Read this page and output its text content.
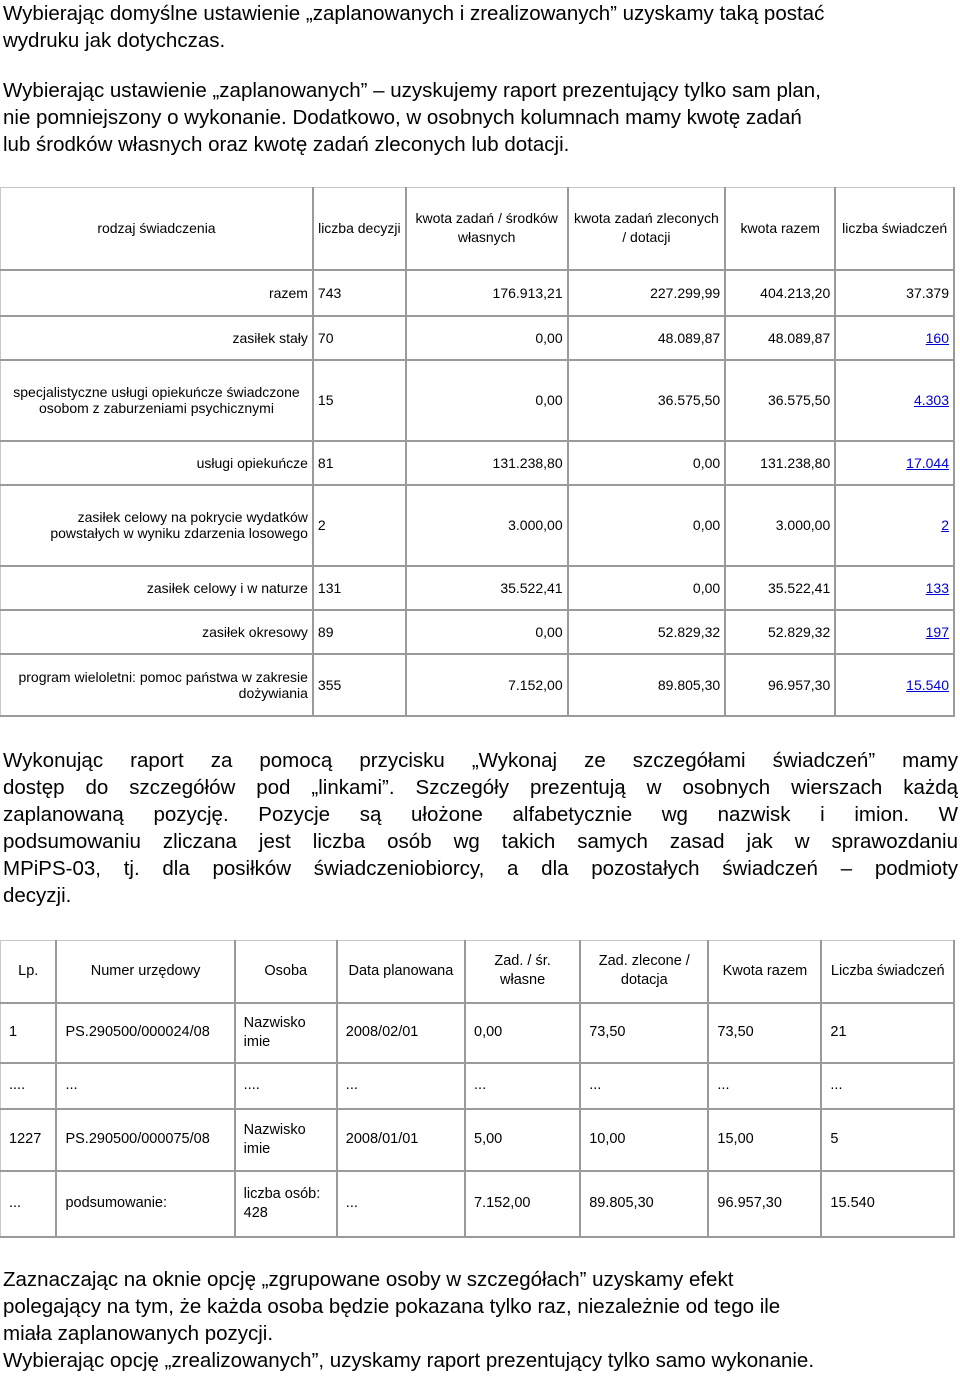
Wybierając domyślne ustawienie „zaplanowanych i zrealizowanych” uzyskamy taką postać
wydruku jak dotychczas.
Wybierając ustawienie „zaplanowanych” – uzyskujemy raport prezentujący tylko sam plan,
nie pomniejszony o wykonanie. Dodatkowo, w osobnych kolumnach mamy kwotę zadań
lub środków własnych oraz kwotę zadań zleconych lub dotacji.
rodzaj świadczenia	liczba decyzji	kwota zadań / środków własnych	kwota zadań zleconych / dotacji	kwota razem	liczba świadczeń
razem	743	176.913,21	227.299,99	404.213,20	37.379
zasiłek stały	70	0,00	48.089,87	48.089,87	160
specjalistyczne usługi opiekuńcze świadczone osobom z zaburzeniami psychicznymi	15	0,00	36.575,50	36.575,50	4.303
usługi opiekuńcze	81	131.238,80	0,00	131.238,80	17.044
zasiłek celowy na pokrycie wydatków powstałych w wyniku zdarzenia losowego	2	3.000,00	0,00	3.000,00	2
zasiłek celowy i w naturze	131	35.522,41	0,00	35.522,41	133
zasiłek okresowy	89	0,00	52.829,32	52.829,32	197
program wieloletni: pomoc państwa w zakresie dożywiania	355	7.152,00	89.805,30	96.957,30	15.540
Wykonując raport za pomocą przycisku „Wykonaj ze szczegółami świadczeń” mamy
dostęp do szczegółów pod „linkami”. Szczegóły prezentują w osobnych wierszach każdą
zaplanowaną pozycję. Pozycje są ułożone alfabetycznie wg nazwisk i imion. W
podsumowaniu zliczana jest liczba osób wg takich samych zasad jak w sprawozdaniu
MPiPS-03, tj. dla posiłków świadczeniobiorcy, a dla pozostałych świadczeń – podmioty
decyzji.
Lp.	Numer urzędowy	Osoba	Data planowana	Zad. / śr. własne	Zad. zlecone / dotacja	Kwota razem	Liczba świadczeń
1	PS.290500/000024/08	Nazwisko imie	2008/02/01	0,00	73,50	73,50	21
....	...	....	...	...	...	...	...
1227	PS.290500/000075/08	Nazwisko imie	2008/01/01	5,00	10,00	15,00	5
...	podsumowanie:	liczba osób: 428	...	7.152,00	89.805,30	96.957,30	15.540
Zaznaczając na oknie opcję „zgrupowane osoby w szczegółach” uzyskamy efekt
polegający na tym, że każda osoba będzie pokazana tylko raz, niezależnie od tego ile
miała zaplanowanych pozycji.
Wybierając opcję „zrealizowanych”, uzyskamy raport prezentujący tylko samo wykonanie.
